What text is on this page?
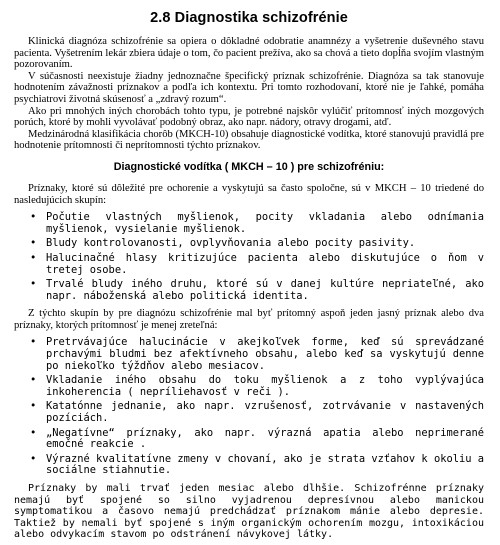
2.8 Diagnostika schizofrénie

Klinická diagnóza schizofrénie sa opiera o dôkladné odobratie anamnézy a vyšetrenie duševného stavu pacienta. Vyšetrením lekár zbiera údaje o tom, čo pacient prežíva, ako sa chová a tieto dopĺňa svojím vlastným pozorovaním.

V súčasnosti neexistuje žiadny jednoznačne špecifický príznak schizofrénie. Diagnóza sa tak stanovuje hodnotením závažnosti príznakov a podľa ich kontextu. Pri tomto rozhodovaní, ktoré nie je ľahké, pomáha psychiatrovi životná skúsenosť a „zdravý rozum“.

Ako pri mnohých iných chorobách tohto typu, je potrebné najskôr vylúčiť prítomnosť iných mozgových porúch, ktoré by mohli vyvolávať podobný obraz, ako napr. nádory, otravy drogami, atď.

Medzinárodná klasifikácia chorôb (MKCH-10) obsahuje diagnostické vodítka, ktoré stanovujú pravidlá pre hodnotenie prítomnosti či neprítomnosti týchto príznakov.

Diagnostické vodítka ( MKCH – 10 ) pre schizofréniu:

Príznaky, ktoré sú dôležité pre ochorenie a vyskytujú sa často spoločne, sú v MKCH – 10 triedené do nasledujúcich skupín:

• Počutie vlastných myšlienok, pocity vkladania alebo odnímania myšlienok, vysielanie myšlienok.
• Bludy kontrolovanosti, ovplyvňovania alebo pocity pasivity.
• Halucinačné hlasy kritizujúce pacienta alebo diskutujúce o ňom v tretej osobe.
• Trvalé bludy iného druhu, ktoré sú v danej kultúre nepriateľné, ako napr. náboženská alebo politická identita.

Z týchto skupín by pre diagnózu schizofrénie mal byť prítomný aspoň jeden jasný príznak alebo dva príznaky, ktorých prítomnosť je menej zreteľná:

• Pretrvávajúce halucinácie v akejkoľvek forme, keď sú sprevádzané prchavými bludmi bez afektívneho obsahu, alebo keď sa vyskytujú denne po niekoľko týždňov alebo mesiacov.
• Vkladanie iného obsahu do toku myšlienok a z toho vyplývajúca inkoherencia ( nepríliehavosť v reči ).
• Katatónne jednanie, ako napr. vzrušenosť, zotrvávanie v nastavených pozíciách.
• „Negatívne“ príznaky, ako napr. výrazná apatia alebo neprimerané emočné reakcie .
• Výrazné kvalitatívne zmeny v chovaní, ako je strata vzťahov k okoliu a sociálne stiahnutie.

Príznaky by mali trvať jeden mesiac alebo dlhšie. Schizofrénne príznaky nemajú byť spojené so silno vyjadrenou depresívnou alebo manickou symptomatikou a časovo nemajú predchádzať príznakom mánie alebo depresie. Taktiež by nemali byť spojené s iným organickým ochorením mozgu, intoxikáciou alebo odvykacím stavom po odstránení návykovej látky.
